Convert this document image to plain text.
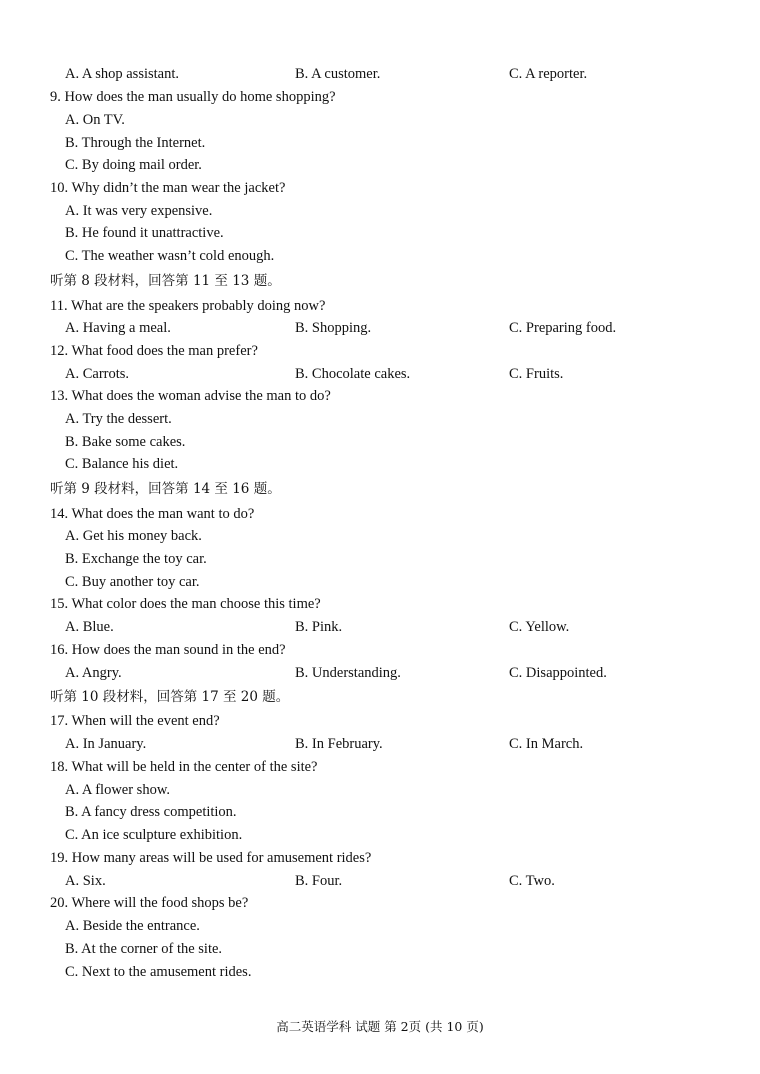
A. A shop assistant.	B. A customer.	C. A reporter.
9. How does the man usually do home shopping?
A. On TV.
B. Through the Internet.
C. By doing mail order.
10. Why didn’t the man wear the jacket?
A. It was very expensive.
B. He found it unattractive.
C. The weather wasn’t cold enough.
听第 8 段材料，回答第 11 至 13 题。
11. What are the speakers probably doing now?
A. Having a meal.	B. Shopping.	C. Preparing food.
12. What food does the man prefer?
A. Carrots.	B. Chocolate cakes.	C. Fruits.
13. What does the woman advise the man to do?
A. Try the dessert.
B. Bake some cakes.
C. Balance his diet.
听第 9 段材料，回答第 14 至 16 题。
14. What does the man want to do?
A. Get his money back.
B. Exchange the toy car.
C. Buy another toy car.
15. What color does the man choose this time?
A. Blue.	B. Pink.	C. Yellow.
16. How does the man sound in the end?
A. Angry.	B. Understanding.	C. Disappointed.
听第 10 段材料，回答第 17 至 20 题。
17. When will the event end?
A. In January.	B. In February.	C. In March.
18. What will be held in the center of the site?
A. A flower show.
B. A fancy dress competition.
C. An ice sculpture exhibition.
19. How many areas will be used for amusement rides?
A. Six.	B. Four.	C. Two.
20. Where will the food shops be?
A. Beside the entrance.
B. At the corner of the site.
C. Next to the amusement rides.
高二英语学科 试题 第 2页 (共 10 页)
